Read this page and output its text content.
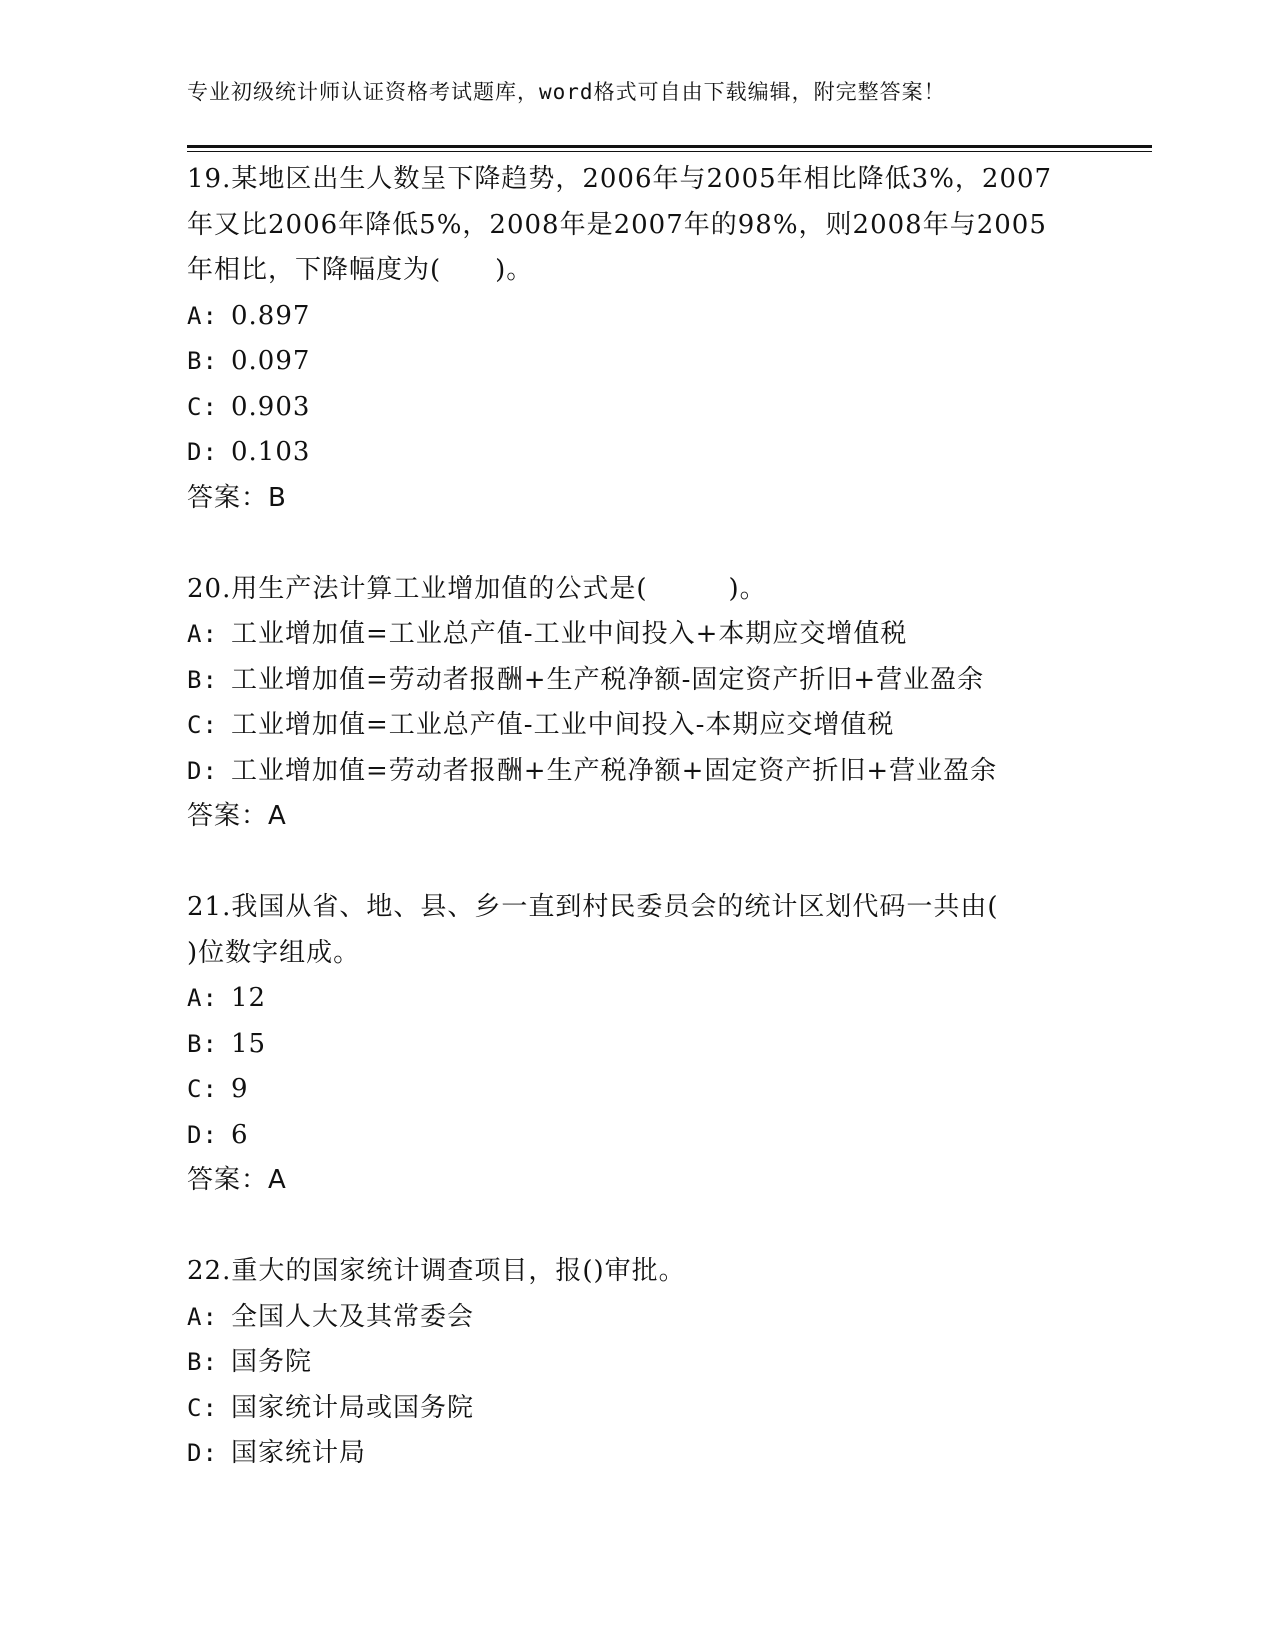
专业初级统计师认证资格考试题库，word格式可自由下载编辑，附完整答案！
19.某地区出生人数呈下降趋势，2006年与2005年相比降低3%，2007
年又比2006年降低5%，2008年是2007年的98%，则2008年与2005
年相比，下降幅度为(　　)。
A: 0.897
B: 0.097
C: 0.903
D: 0.103
答案：B
20.用生产法计算工业增加值的公式是(　　　)。
A: 工业增加值=工业总产值-工业中间投入+本期应交增值税
B: 工业增加值=劳动者报酬+生产税净额-固定资产折旧+营业盈余
C: 工业增加值=工业总产值-工业中间投入-本期应交增值税
D: 工业增加值=劳动者报酬+生产税净额+固定资产折旧+营业盈余
答案：A
21.我国从省、地、县、乡一直到村民委员会的统计区划代码一共由(
)位数字组成。
A: 12
B: 15
C: 9
D: 6
答案：A
22.重大的国家统计调查项目，报()审批。
A: 全国人大及其常委会
B: 国务院
C: 国家统计局或国务院
D: 国家统计局
